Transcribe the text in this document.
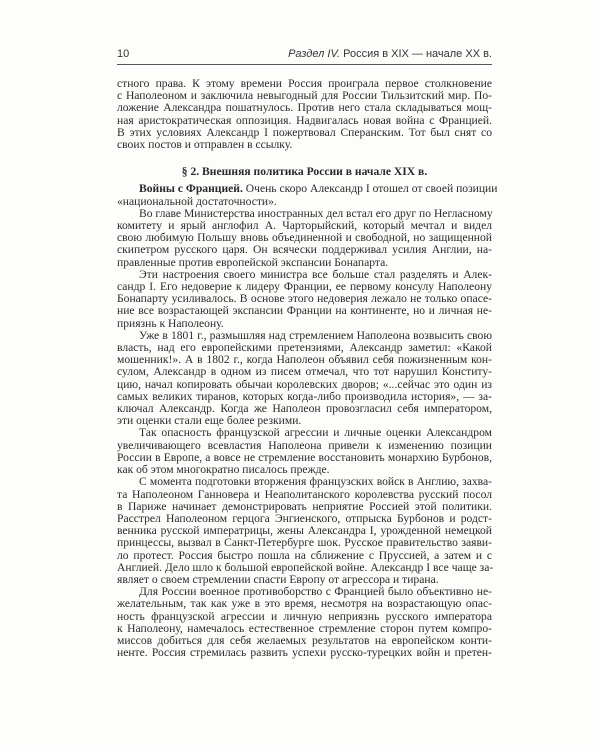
10	Раздел IV. Россия в XIX — начале XX в.
стного права. К этому времени Россия проиграла первое столкновение
с Наполеоном и заключила невыгодный для России Тильзитский мир. По-
ложение Александра пошатнулось. Против него стала складываться мощ-
ная аристократическая оппозиция. Надвигалась новая война с Францией.
В этих условиях Александр I пожертвовал Сперанским. Тот был снят со
своих постов и отправлен в ссылку.
§ 2. Внешняя политика России в начале XIX в.
Войны с Францией. Очень скоро Александр I отошел от своей позиции
«национальной достаточности».
Во главе Министерства иностранных дел встал его друг по Негласному
комитету и ярый англофил А. Чарторыйский, который мечтал и видел
свою любимую Польшу вновь объединенной и свободной, но защищенной
скипетром русского царя. Он всячески поддерживал усилия Англии, на-
правленные против европейской экспансии Бонапарта.
Эти настроения своего министра все больше стал разделять и Алек-
сандр I. Его недоверие к лидеру Франции, ее первому консулу Наполеону
Бонапарту усиливалось. В основе этого недоверия лежало не только опасе-
ние все возрастающей экспансии Франции на континенте, но и личная не-
приязнь к Наполеону.
Уже в 1801 г., размышляя над стремлением Наполеона возвысить свою
власть, над его европейскими претензиями, Александр заметил: «Какой
мошенник!». А в 1802 г., когда Наполеон объявил себя пожизненным кон-
сулом, Александр в одном из писем отмечал, что тот нарушил Конститу-
цию, начал копировать обычаи королевских дворов; «...сейчас это один из
самых великих тиранов, которых когда-либо производила история», — за-
ключал Александр. Когда же Наполеон провозгласил себя императором,
эти оценки стали еще более резкими.
Так опасность французской агрессии и личные оценки Александром
увеличивающего всевластия Наполеона привели к изменению позиции
России в Европе, а вовсе не стремление восстановить монархию Бурбонов,
как об этом многократно писалось прежде.
С момента подготовки вторжения французских войск в Англию, захва-
та Наполеоном Ганновера и Неаполитанского королевства русский посол
в Париже начинает демонстрировать неприятие Россией этой политики.
Расстрел Наполеоном герцога Энгиенского, отпрыска Бурбонов и родст-
венника русской императрицы, жены Александра I, урожденной немецкой
принцессы, вызвал в Санкт-Петербурге шок. Русское правительство заяви-
ло протест. Россия быстро пошла на сближение с Пруссией, а затем и с
Англией. Дело шло к большой европейской войне. Александр I все чаще за-
являет о своем стремлении спасти Европу от агрессора и тирана.
Для России военное противоборство с Францией было объективно не-
желательным, так как уже в это время, несмотря на возрастающую опас-
ность французской агрессии и личную неприязнь русского императора
к Наполеону, намечалось естественное стремление сторон путем компро-
миссов добиться для себя желаемых результатов на европейском конти-
ненте. Россия стремилась развить успехи русско-турецких войн и претен-
